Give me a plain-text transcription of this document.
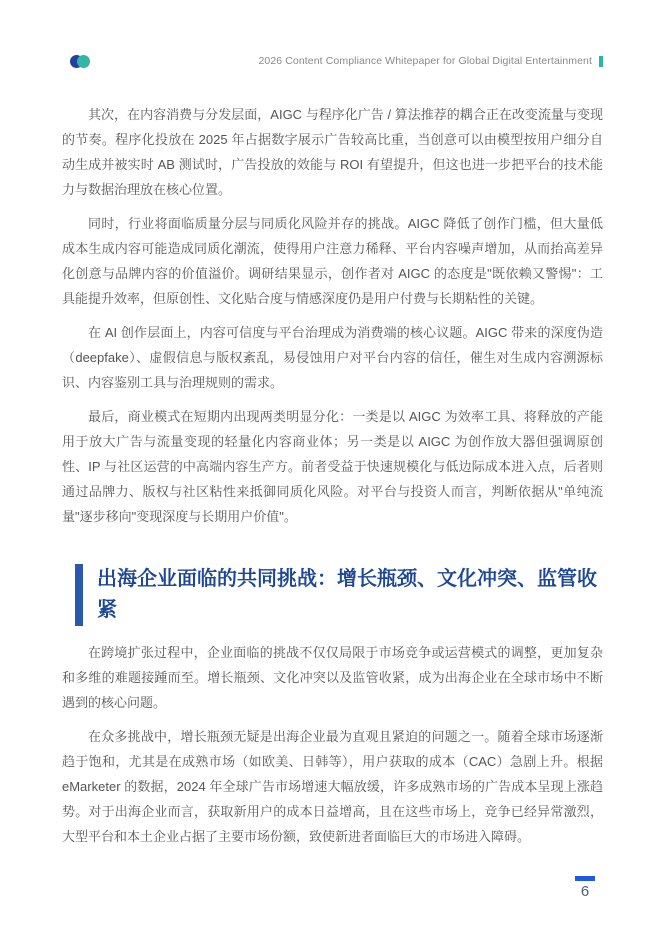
2026 Content Compliance Whitepaper for Global Digital Entertainment

其次，在内容消费与分发层面，AIGC 与程序化广告 / 算法推荐的耦合正在改变流量与变现的节奏。程序化投放在 2025 年占据数字展示广告较高比重，当创意可以由模型按用户细分自动生成并被实时 AB 测试时，广告投放的效能与 ROI 有望提升，但这也进一步把平台的技术能力与数据治理放在核心位置。

同时，行业将面临质量分层与同质化风险并存的挑战。AIGC 降低了创作门槛，但大量低成本生成内容可能造成同质化潮流，使得用户注意力稀释、平台内容噪声增加，从而抬高差异化创意与品牌内容的价值溢价。调研结果显示，创作者对 AIGC 的态度是"既依赖又警惕"：工具能提升效率，但原创性、文化贴合度与情感深度仍是用户付费与长期粘性的关键。

在 AI 创作层面上，内容可信度与平台治理成为消费端的核心议题。AIGC 带来的深度伪造（deepfake）、虚假信息与版权紊乱，易侵蚀用户对平台内容的信任，催生对生成内容溯源标识、内容鉴别工具与治理规则的需求。

最后，商业模式在短期内出现两类明显分化：一类是以 AIGC 为效率工具、将释放的产能用于放大广告与流量变现的轻量化内容商业体；另一类是以 AIGC 为创作放大器但强调原创性、IP 与社区运营的中高端内容生产方。前者受益于快速规模化与低边际成本进入点，后者则通过品牌力、版权与社区粘性来抵御同质化风险。对平台与投资人而言，判断依据从"单纯流量"逐步移向"变现深度与长期用户价值"。

出海企业面临的共同挑战：增长瓶颈、文化冲突、监管收紧

在跨境扩张过程中，企业面临的挑战不仅仅局限于市场竞争或运营模式的调整，更加复杂和多维的难题接踵而至。增长瓶颈、文化冲突以及监管收紧，成为出海企业在全球市场中不断遇到的核心问题。

在众多挑战中，增长瓶颈无疑是出海企业最为直观且紧迫的问题之一。随着全球市场逐渐趋于饱和，尤其是在成熟市场（如欧美、日韩等），用户获取的成本（CAC）急剧上升。根据 eMarketer 的数据，2024 年全球广告市场增速大幅放缓，许多成熟市场的广告成本呈现上涨趋势。对于出海企业而言，获取新用户的成本日益增高，且在这些市场上，竞争已经异常激烈，大型平台和本土企业占据了主要市场份额，致使新进者面临巨大的市场进入障碍。

6
